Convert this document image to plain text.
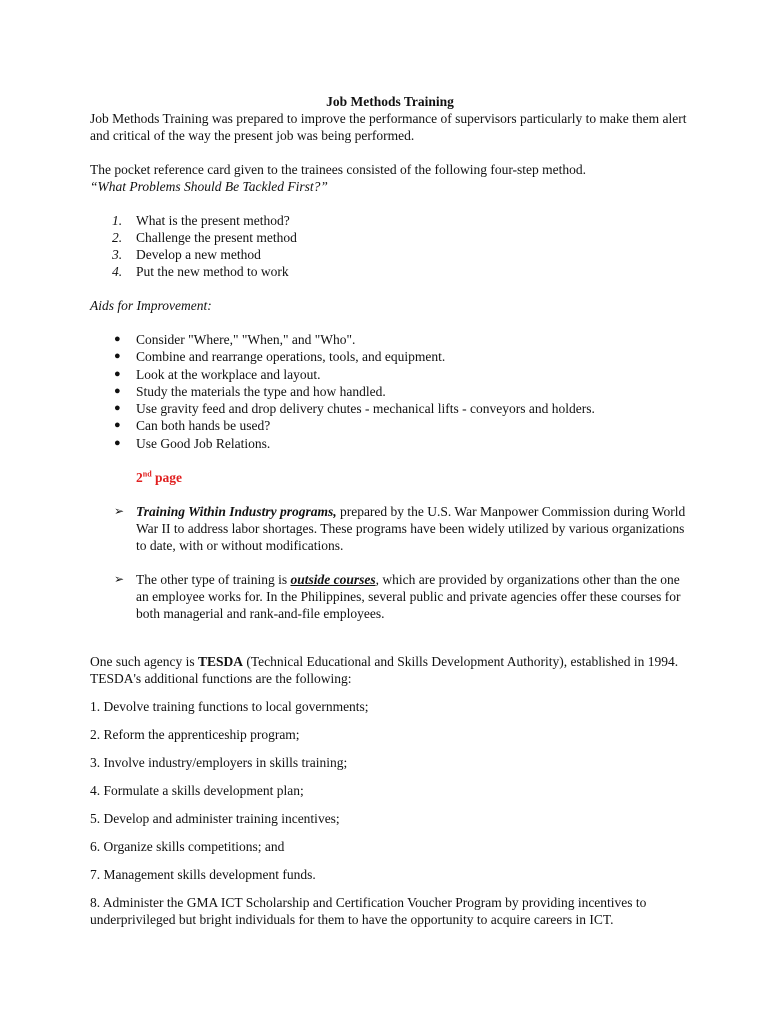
Job Methods Training

Job Methods Training was prepared to improve the performance of supervisors particularly to make them alert and critical of the way the present job was being performed.

The pocket reference card given to the trainees consisted of the following four-step method.

“What Problems Should Be Tackled First?”

1. What is the present method?
2. Challenge the present method
3. Develop a new method
4. Put the new method to work

Aids for Improvement:

● Consider "Where," "When," and "Who".
● Combine and rearrange operations, tools, and equipment.
● Look at the workplace and layout.
● Study the materials the type and how handled.
● Use gravity feed and drop delivery chutes - mechanical lifts - conveyors and holders.
● Can both hands be used?
● Use Good Job Relations.

2nd page

➢ Training Within Industry programs, prepared by the U.S. War Manpower Commission during World War II to address labor shortages. These programs have been widely utilized by various organizations to date, with or without modifications.
➢ The other type of training is outside courses, which are provided by organizations other than the one an employee works for. In the Philippines, several public and private agencies offer these courses for both managerial and rank-and-file employees.

One such agency is TESDA (Technical Educational and Skills Development Authority), established in 1994. TESDA's additional functions are the following:

1. Devolve training functions to local governments;

2. Reform the apprenticeship program;

3. Involve industry/employers in skills training;

4. Formulate a skills development plan;

5. Develop and administer training incentives;

6. Organize skills competitions; and

7. Management skills development funds.

8. Administer the GMA ICT Scholarship and Certification Voucher Program by providing incentives to underprivileged but bright individuals for them to have the opportunity to acquire careers in ICT.
